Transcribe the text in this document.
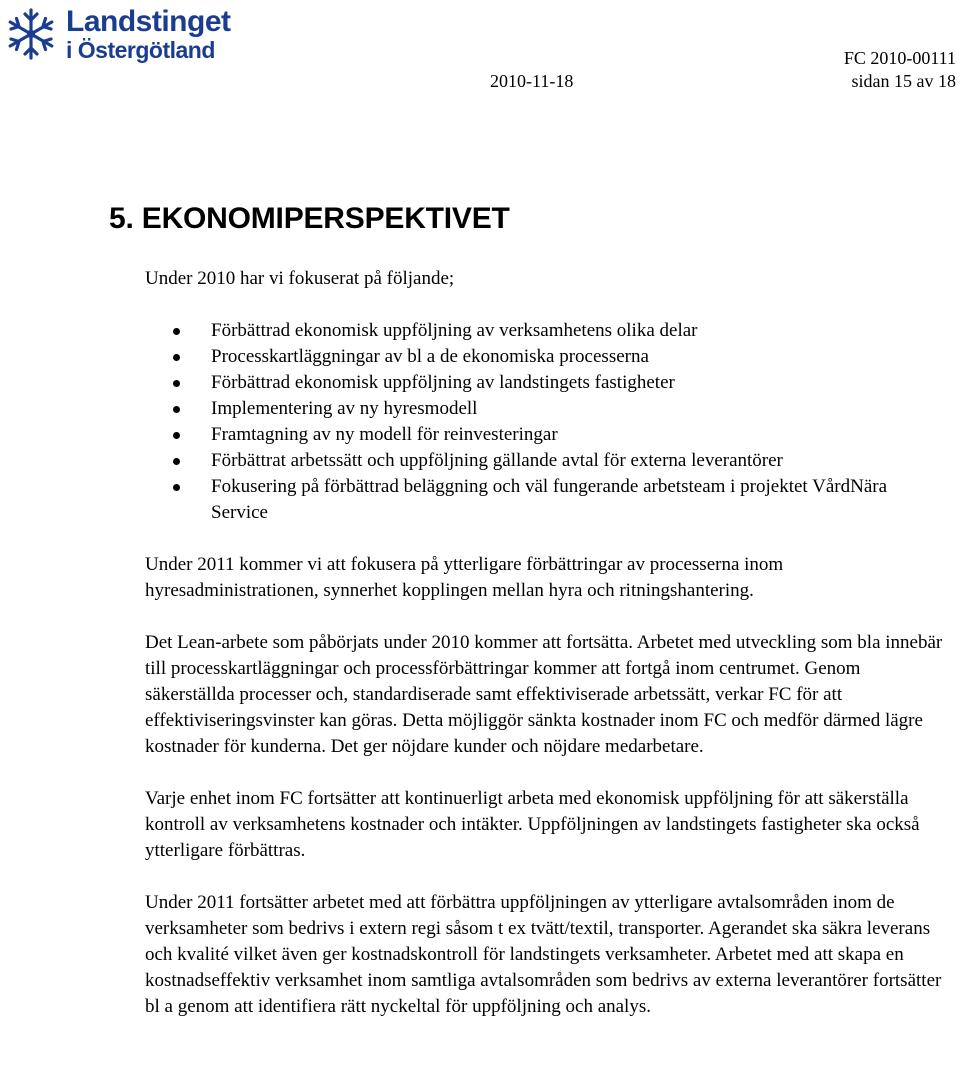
Landstinget
i Östergötland	FC 2010-00111
2010-11-18	sidan 15 av 18
5. EKONOMIPERSPEKTIVET

Under 2010 har vi fokuserat på följande;

Förbättrad ekonomisk uppföljning av verksamhetens olika delar
Processkartläggningar av bl a de ekonomiska processerna
Förbättrad ekonomisk uppföljning av landstingets fastigheter
Implementering av ny hyresmodell
Framtagning av ny modell för reinvesteringar
Förbättrat arbetssätt och uppföljning gällande avtal för externa leverantörer
Fokusering på förbättrad beläggning och väl fungerande arbetsteam i projektet VårdNära Service

Under 2011 kommer vi att fokusera på ytterligare förbättringar av processerna inom hyresadministrationen, synnerhet kopplingen mellan hyra och ritningshantering.

Det Lean-arbete som påbörjats under 2010 kommer att fortsätta. Arbetet med utveckling som bla innebär till processkartläggningar och processförbättringar kommer att fortgå inom centrumet. Genom säkerställda processer och, standardiserade samt effektiviserade arbetssätt, verkar FC för att effektiviseringsvinster kan göras. Detta möjliggör sänkta kostnader inom FC och medför därmed lägre kostnader för kunderna. Det ger nöjdare kunder och nöjdare medarbetare.

Varje enhet inom FC fortsätter att kontinuerligt arbeta med ekonomisk uppföljning för att säkerställa kontroll av verksamhetens kostnader och intäkter. Uppföljningen av landstingets fastigheter ska också ytterligare förbättras.

Under 2011 fortsätter arbetet med att förbättra uppföljningen av ytterligare avtalsområden inom de verksamheter som bedrivs i extern regi såsom t ex tvätt/textil, transporter. Agerandet ska säkra leverans och kvalité vilket även ger kostnadskontroll för landstingets verksamheter. Arbetet med att skapa en kostnadseffektiv verksamhet inom samtliga avtalsområden som bedrivs av externa leverantörer fortsätter bl a genom att identifiera rätt nyckeltal för uppföljning och analys.
